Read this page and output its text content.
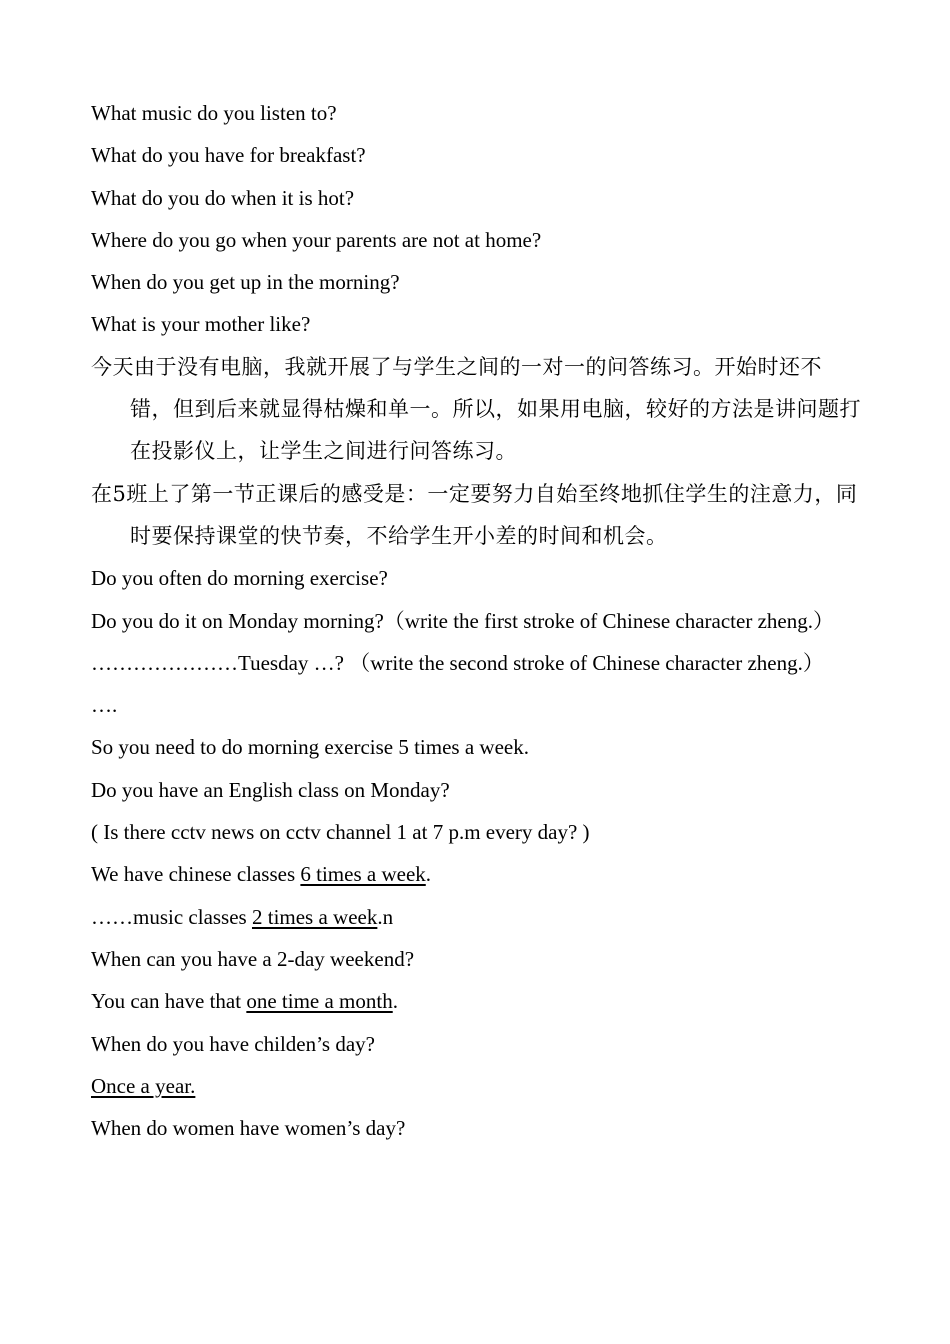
What music do you listen to?
What do you have for breakfast?
What do you do when it is hot?
Where do you go when your parents are not at home?
When do you get up in the morning?
What is your mother like?
今天由于没有电脑，我就开展了与学生之间的一对一的问答练习。开始时还不错，但到后来就显得枯燥和单一。所以，如果用电脑，较好的方法是讲问题打在投影仪上，让学生之间进行问答练习。
在5班上了第一节正课后的感受是：一定要努力自始至终地抓住学生的注意力，同时要保持课堂的快节奏，不给学生开小差的时间和机会。
Do you often do morning exercise?
Do you do it on Monday morning?（write the first stroke of Chinese character zheng.）
…………………Tuesday …? （write the second stroke of Chinese character zheng.）
….
So you need to do morning exercise 5 times a week.
Do you have an English class on Monday?
( Is there cctv news on cctv channel 1 at 7 p.m every day? )
We have chinese classes 6 times a week.
……music classes 2 times a week.n
When can you have a 2-day weekend?
You can have that one time a month.
When do you have childen’s day?
Once a year.
When do women have women’s day?
